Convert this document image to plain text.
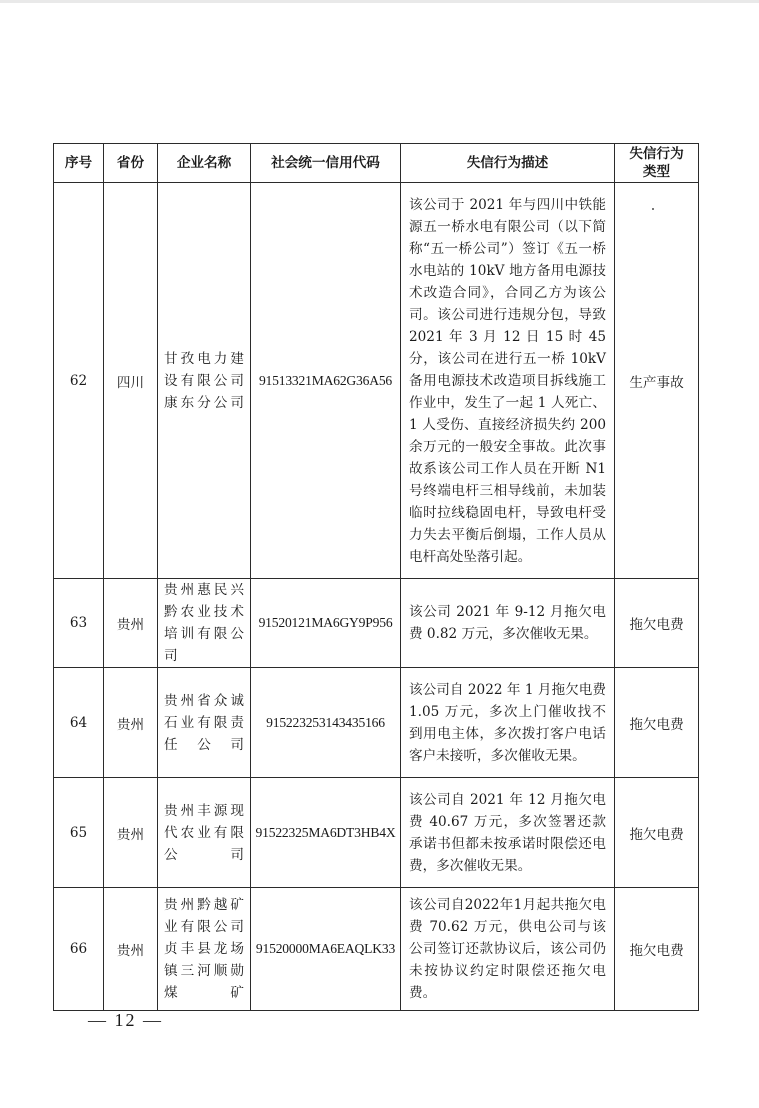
序号	省份	企业名称	社会统一信用代码	失信行为描述	失信行为类型
62	四川	甘孜电力建设有限公司康东分公司	91513321MA62G36A56	该公司于 2021 年与四川中铁能源五一桥水电有限公司（以下简称“五一桥公司”）签订《五一桥水电站的 10kV 地方备用电源技术改造合同》，合同乙方为该公司。该公司进行违规分包，导致 2021 年 3 月 12 日 15 时 45 分，该公司在进行五一桥 10kV 备用电源技术改造项目拆线施工作业中，发生了一起 1 人死亡、1 人受伤、直接经济损失约 200 余万元的一般安全事故。此次事故系该公司工作人员在开断 N1 号终端电杆三相导线前，未加装临时拉线稳固电杆，导致电杆受力失去平衡后倒塌，工作人员从电杆高处坠落引起。	生产事故
63	贵州	贵州惠民兴黔农业技术培训有限公司	91520121MA6GY9P956	该公司 2021 年 9-12 月拖欠电费 0.82 万元，多次催收无果。	拖欠电费
64	贵州	贵州省众诚石业有限责任公司	915223253143435166	该公司自 2022 年 1 月拖欠电费 1.05 万元，多次上门催收找不到用电主体，多次拨打客户电话客户未接听，多次催收无果。	拖欠电费
65	贵州	贵州丰源现代农业有限公司	91522325MA6DT3HB4X	该公司自 2021 年 12 月拖欠电费 40.67 万元，多次签署还款承诺书但都未按承诺时限偿还电费，多次催收无果。	拖欠电费
66	贵州	贵州黔越矿业有限公司贞丰县龙场镇三河顺勋煤矿	91520000MA6EAQLK33	该公司自2022年1月起共拖欠电费 70.62 万元，供电公司与该公司签订还款协议后，该公司仍未按协议约定时限偿还拖欠电费。	拖欠电费
— 12 —
